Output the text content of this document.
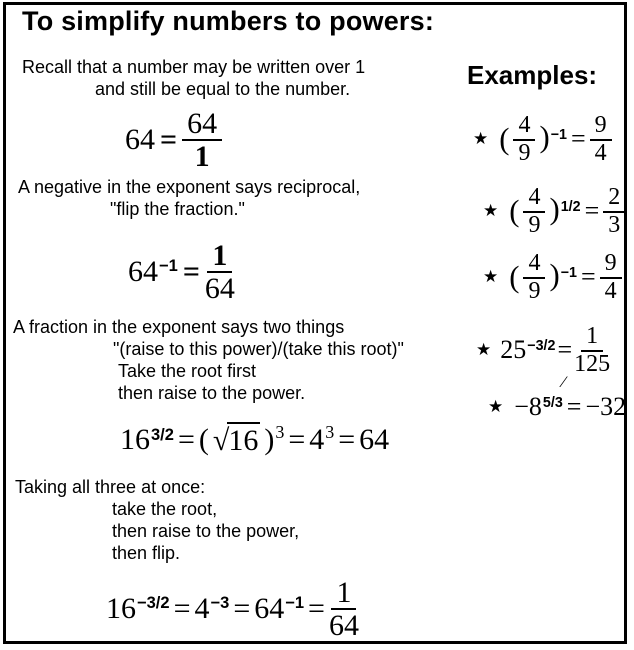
To simplify numbers to powers:
Examples:
Recall that a number may be written over 1
and still be equal to the number.
$64 = \frac{64}{1}$
A negative in the exponent says reciprocal,
"flip the fraction."
$64^{-1} = \frac{1}{64}$
A fraction in the exponent says two things
"(raise to this power)/(take this root)"
Take the root first
then raise to the power.
$16^{3/2}$ = ( √16 )$^3 = 4^3 = 64$
Taking all three at once:
take the root,
then raise to the power,
then flip.
$16^{-3/2} = 4^{-3} = 64^{-1} = \frac{1}{64}$
★ ( $\frac{4}{9} )^{-1} = \frac{9}{4}$
★ ( $\frac{4}{9} )^{1/2} = \frac{2}{3}$
★ ( $\frac{4}{9} )^{-1} = \frac{9}{4}$
★ $25^{-3/2} = \frac{1}{125}$
★ $-8^{5/3}$
∕
= −32
